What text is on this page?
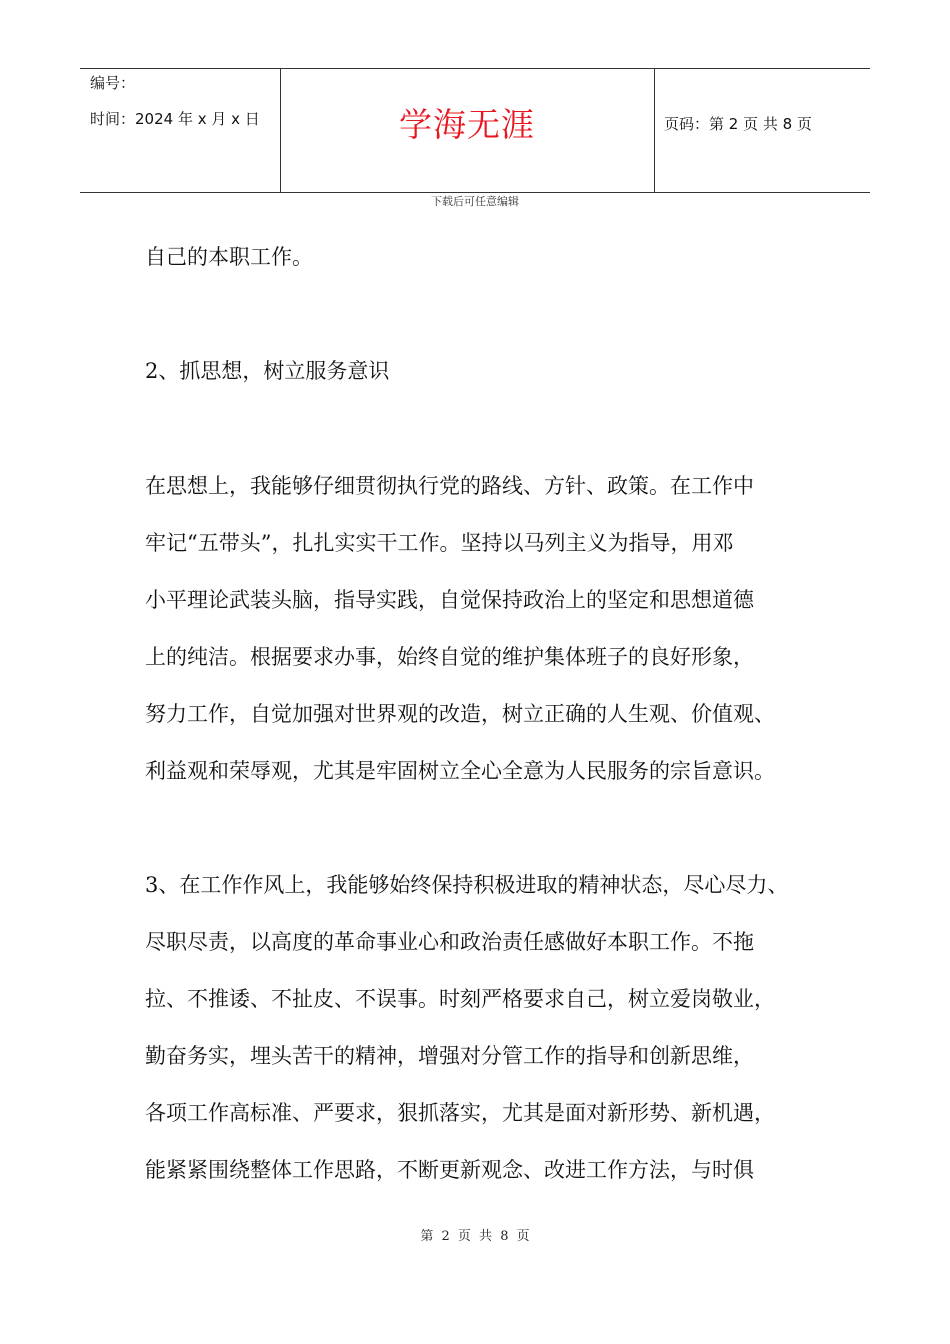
编号：
时间：2024 年 x 月 x 日	学海无涯	页码：第 2 页 共 8 页
下载后可任意编辑
自己的本职工作。
2、抓思想，树立服务意识
在思想上，我能够仔细贯彻执行党的路线、方针、政策。在工作中
牢记“五带头”，扎扎实实干工作。坚持以马列主义为指导，用邓
小平理论武装头脑，指导实践，自觉保持政治上的坚定和思想道德
上的纯洁。根据要求办事，始终自觉的维护集体班子的良好形象，
努力工作，自觉加强对世界观的改造，树立正确的人生观、价值观、
利益观和荣辱观，尤其是牢固树立全心全意为人民服务的宗旨意识。
3、在工作作风上，我能够始终保持积极进取的精神状态，尽心尽力、
尽职尽责，以高度的革命事业心和政治责任感做好本职工作。不拖
拉、不推诿、不扯皮、不误事。时刻严格要求自己，树立爱岗敬业，
勤奋务实，埋头苦干的精神，增强对分管工作的指导和创新思维，
各项工作高标准、严要求，狠抓落实，尤其是面对新形势、新机遇，
能紧紧围绕整体工作思路，不断更新观念、改进工作方法，与时俱
第 2 页 共 8 页
